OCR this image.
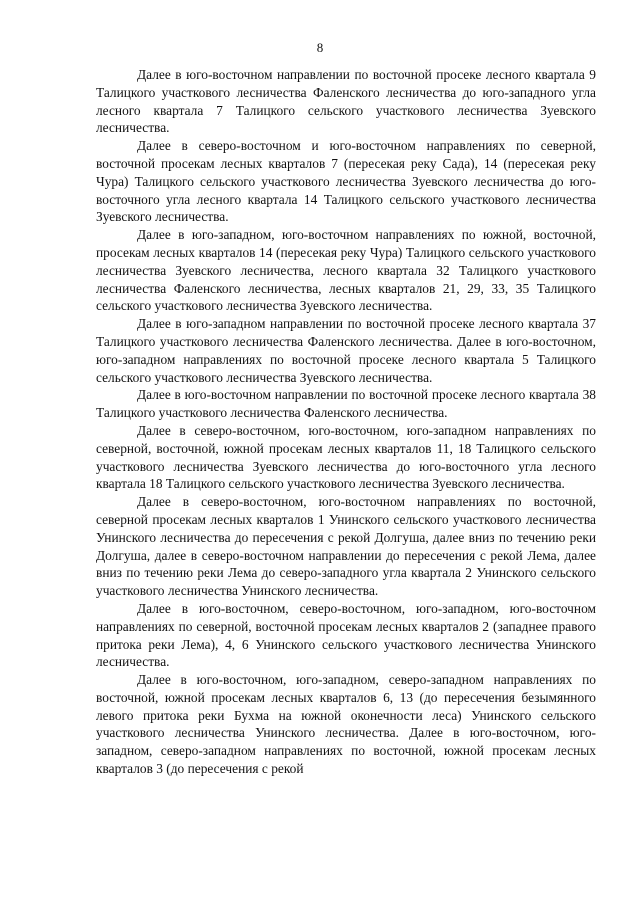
8

Далее в юго-восточном направлении по восточной просеке лесного квартала 9 Талицкого участкового лесничества Фаленского лесничества до юго-западного угла лесного квартала 7 Талицкого сельского участкового лесничества Зуевского лесничества.

Далее в северо-восточном и юго-восточном направлениях по северной, восточной просекам лесных кварталов 7 (пересекая реку Сада), 14 (пересекая реку Чура) Талицкого сельского участкового лесничества Зуевского лесничества до юго-восточного угла лесного квартала 14 Талицкого сельского участкового лесничества Зуевского лесничества.

Далее в юго-западном, юго-восточном направлениях по южной, восточной, просекам лесных кварталов 14 (пересекая реку Чура) Талицкого сельского участкового лесничества Зуевского лесничества, лесного квартала 32 Талицкого участкового лесничества Фаленского лесничества, лесных кварталов 21, 29, 33, 35 Талицкого сельского участкового лесничества Зуевского лесничества.

Далее в юго-западном направлении по восточной просеке лесного квартала 37 Талицкого участкового лесничества Фаленского лесничества. Далее в юго-восточном, юго-западном направлениях по восточной просеке лесного квартала 5 Талицкого сельского участкового лесничества Зуевского лесничества.

Далее в юго-восточном направлении по восточной просеке лесного квартала 38 Талицкого участкового лесничества Фаленского лесничества.

Далее в северо-восточном, юго-восточном, юго-западном направлениях по северной, восточной, южной просекам лесных кварталов 11, 18 Талицкого сельского участкового лесничества Зуевского лесничества до юго-восточного угла лесного квартала 18 Талицкого сельского участкового лесничества Зуевского лесничества.

Далее в северо-восточном, юго-восточном направлениях по восточной, северной просекам лесных кварталов 1 Унинского сельского участкового лесничества Унинского лесничества до пересечения с рекой Долгуша, далее вниз по течению реки Долгуша, далее в северо-восточном направлении до пересечения с рекой Лема, далее вниз по течению реки Лема до северо-западного угла квартала 2 Унинского сельского участкового лесничества Унинского лесничества.

Далее в юго-восточном, северо-восточном, юго-западном, юго-восточном направлениях по северной, восточной просекам лесных кварталов 2 (западнее правого притока реки Лема), 4, 6 Унинского сельского участкового лесничества Унинского лесничества.

Далее в юго-восточном, юго-западном, северо-западном направлениях по восточной, южной просекам лесных кварталов 6, 13 (до пересечения безымянного левого притока реки Бухма на южной оконечности леса) Унинского сельского участкового лесничества Унинского лесничества. Далее в юго-восточном, юго-западном, северо-западном направлениях по восточной, южной просекам лесных кварталов 3 (до пересечения с рекой
